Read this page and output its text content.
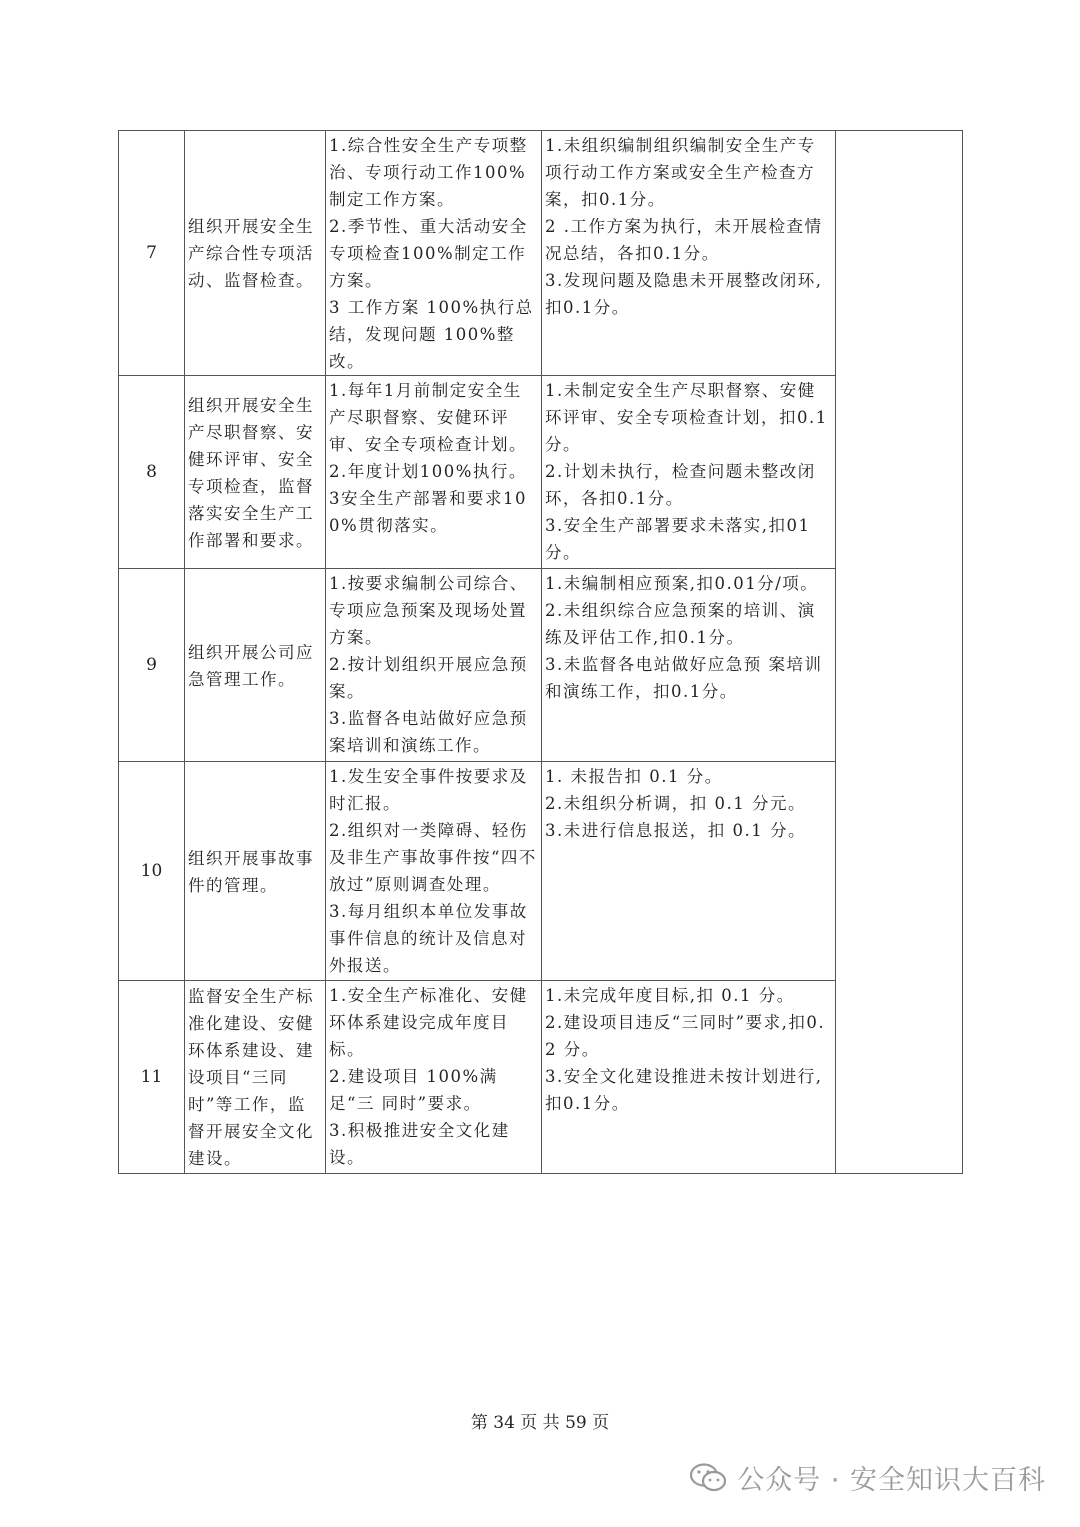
7	组织开展安全生产综合性专项活动、监督检查。	1.综合性安全生产专项整治、专项行动工作100%制定工作方案。
2.季节性、重大活动安全专项检查100%制定工作方案。
3 工作方案 100%执行总结，发现问题 100%整改。	1.未组织编制组织编制安全生产专项行动工作方案或安全生产检查方案，扣0.1分。
2 .工作方案为执行，未开展检查情况总结，各扣0.1分。
3.发现问题及隐患未开展整改闭环,扣0.1分。	

8	组织开展安全生产尽职督察、安健环评审、安全专项检查，监督落实安全生产工作部署和要求。	1.每年1月前制定安全生产尽职督察、安健环评审、安全专项检查计划。
2.年度计划100%执行。
3安全生产部署和要求100%贯彻落实。	1.未制定安全生产尽职督察、安健环评审、安全专项检查计划，扣0.1分。
2.计划未执行，检查问题未整改闭环，各扣0.1分。
3.安全生产部署要求未落实,扣01分。	

9	组织开展公司应急管理工作。	1.按要求编制公司综合、专项应急预案及现场处置方案。
2.按计划组织开展应急预案。
3.监督各电站做好应急预案培训和演练工作。	1.未编制相应预案,扣0.01分/项。
2.未组织综合应急预案的培训、演练及评估工作,扣0.1分。
3.未监督各电站做好应急预 案培训和演练工作，扣0.1分。	

10	组织开展事故事件的管理。	1.发生安全事件按要求及时汇报。
2.组织对一类障碍、轻伤及非生产事故事件按“四不放过”原则调查处理。
3.每月组织本单位发事故事件信息的统计及信息对外报送。	1. 未报告扣 0.1 分。
2.未组织分析调，扣 0.1 分元。
3.未进行信息报送，扣 0.1 分。	

11	监督安全生产标准化建设、安健环体系建设、建设项目“三同时”等工作，监督开展安全文化建设。	1.安全生产标准化、安健环体系建设完成年度目标。
2.建设项目 100%满足“三 同时”要求。
3.积极推进安全文化建设。	1.未完成年度目标,扣 0.1 分。
2.建设项目违反“三同时”要求,扣0.2 分。
3.安全文化建设推进未按计划进行,扣0.1分。	
第 34 页 共 59 页
公众号 · 安全知识大百科
